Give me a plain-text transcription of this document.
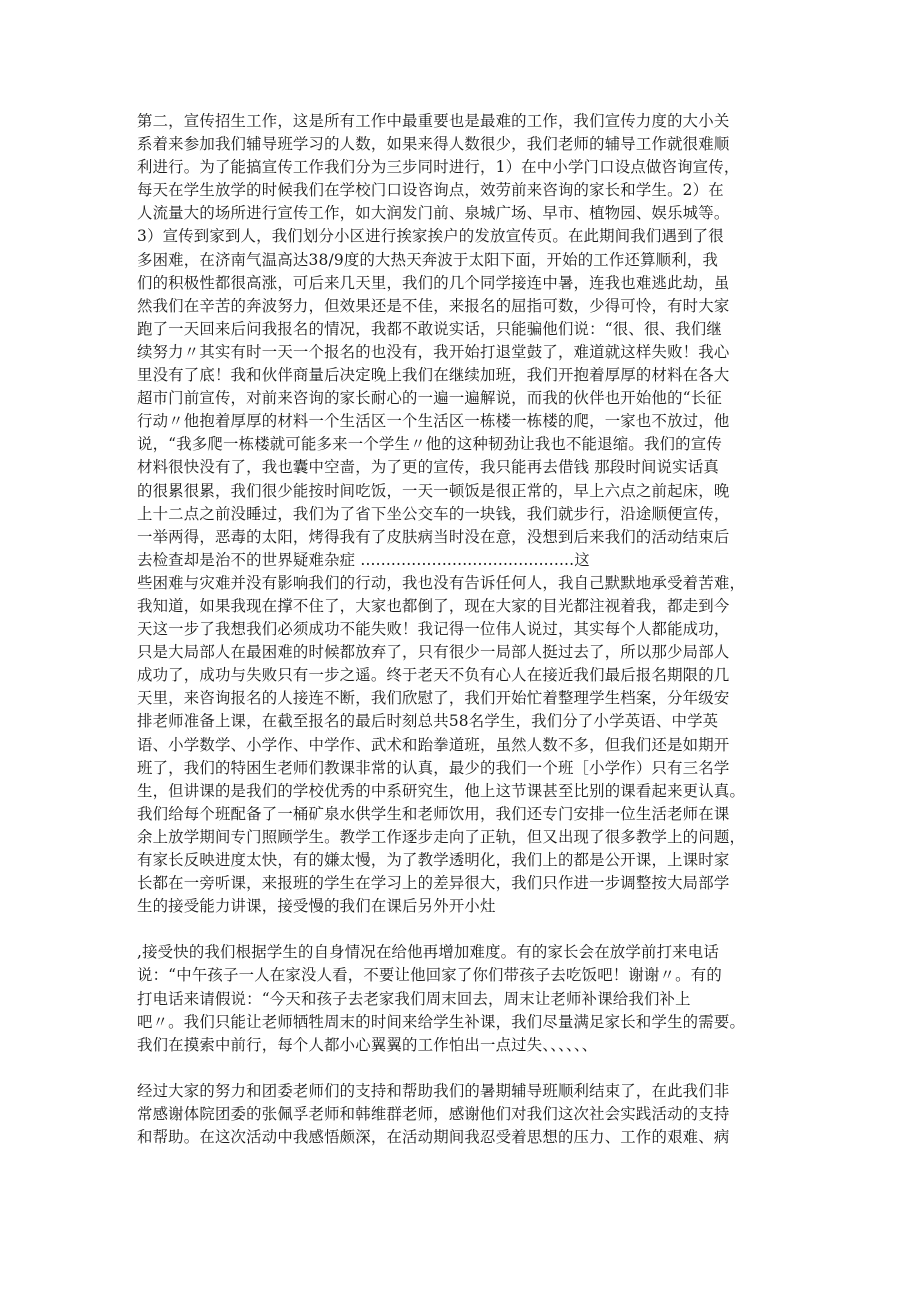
第二，宣传招生工作，这是所有工作中最重要也是最难的工作，我们宣传力度的大小关
系着来参加我们辅导班学习的人数，如果来得人数很少，我们老师的辅导工作就很难顺
利进行。为了能搞宣传工作我们分为三步同时进行，1）在中小学门口设点做咨询宣传，
每天在学生放学的时候我们在学校门口设咨询点，效劳前来咨询的家长和学生。2）在
人流量大的场所进行宣传工作，如大润发门前、泉城广场、早市、植物园、娱乐城等。
3）宣传到家到人，我们划分小区进行挨家挨户的发放宣传页。在此期间我们遇到了很
多困难，在济南气温高达38/9度的大热天奔波于太阳下面，开始的工作还算顺利，我
们的积极性都很高涨，可后来几天里，我们的几个同学接连中暑，连我也难逃此劫，虽
然我们在辛苦的奔波努力，但效果还是不佳，来报名的屈指可数，少得可怜，有时大家
跑了一天回来后问我报名的情况，我都不敢说实话，只能骗他们说：“很、很、我们继
续努力〃其实有时一天一个报名的也没有，我开始打退堂鼓了，难道就这样失败！我心
里没有了底！我和伙伴商量后决定晚上我们在继续加班，我们开抱着厚厚的材料在各大
超市门前宣传，对前来咨询的家长耐心的一遍一遍解说，而我的伙伴也开始他的“长征
行动〃他抱着厚厚的材料一个生活区一个生活区一栋楼一栋楼的爬，一家也不放过，他
说，“我多爬一栋楼就可能多来一个学生〃他的这种韧劲让我也不能退缩。我们的宣传
材料很快没有了，我也囊中空啬，为了更的宣传，我只能再去借钱 那段时间说实话真
的很累很累，我们很少能按时间吃饭，一天一顿饭是很正常的，早上六点之前起床，晚
上十二点之前没睡过，我们为了省下坐公交车的一块钱，我们就步行，沿途顺便宣传，
一举两得，恶毒的太阳，烤得我有了皮肤病当时没在意，没想到后来我们的活动结束后
去检查却是治不的世界疑难杂症 ..........................................这
些困难与灾难并没有影响我们的行动，我也没有告诉任何人，我自己默默地承受着苦难，
我知道，如果我现在撑不住了，大家也都倒了，现在大家的目光都注视着我，都走到今
天这一步了我想我们必须成功不能失败！我记得一位伟人说过，其实每个人都能成功，
只是大局部人在最困难的时候都放弃了，只有很少一局部人挺过去了，所以那少局部人
成功了，成功与失败只有一步之遥。终于老天不负有心人在接近我们最后报名期限的几
天里，来咨询报名的人接连不断，我们欣慰了，我们开始忙着整理学生档案，分年级安
排老师准备上课，在截至报名的最后时刻总共58名学生，我们分了小学英语、中学英
语、小学数学、小学作、中学作、武术和跆拳道班，虽然人数不多，但我们还是如期开
班了，我们的特困生老师们教课非常的认真，最少的我们一个班［小学作）只有三名学
生，但讲课的是我们的学校优秀的中系研究生，他上这节课甚至比别的课看起来更认真。
我们给每个班配备了一桶矿泉水供学生和老师饮用，我们还专门安排一位生活老师在课
余上放学期间专门照顾学生。教学工作逐步走向了正轨，但又出现了很多教学上的问题，
有家长反映进度太快，有的嫌太慢，为了教学透明化，我们上的都是公开课，上课时家
长都在一旁听课，来报班的学生在学习上的差异很大，我们只作进一步调整按大局部学
生的接受能力讲课，接受慢的我们在课后另外开小灶
,接受快的我们根据学生的自身情况在给他再增加难度。有的家长会在放学前打来电话
说：“中午孩子一人在家没人看，不要让他回家了你们带孩子去吃饭吧！谢谢〃。有的
打电话来请假说：“今天和孩子去老家我们周末回去，周末让老师补课给我们补上
吧〃。我们只能让老师牺牲周末的时间来给学生补课，我们尽量满足家长和学生的需要。
我们在摸索中前行，每个人都小心翼翼的工作怕出一点过失、、、、、、
经过大家的努力和团委老师们的支持和帮助我们的暑期辅导班顺利结束了，在此我们非
常感谢体院团委的张佩孚老师和韩维群老师，感谢他们对我们这次社会实践活动的支持
和帮助。在这次活动中我感悟颇深，在活动期间我忍受着思想的压力、工作的艰难、病
